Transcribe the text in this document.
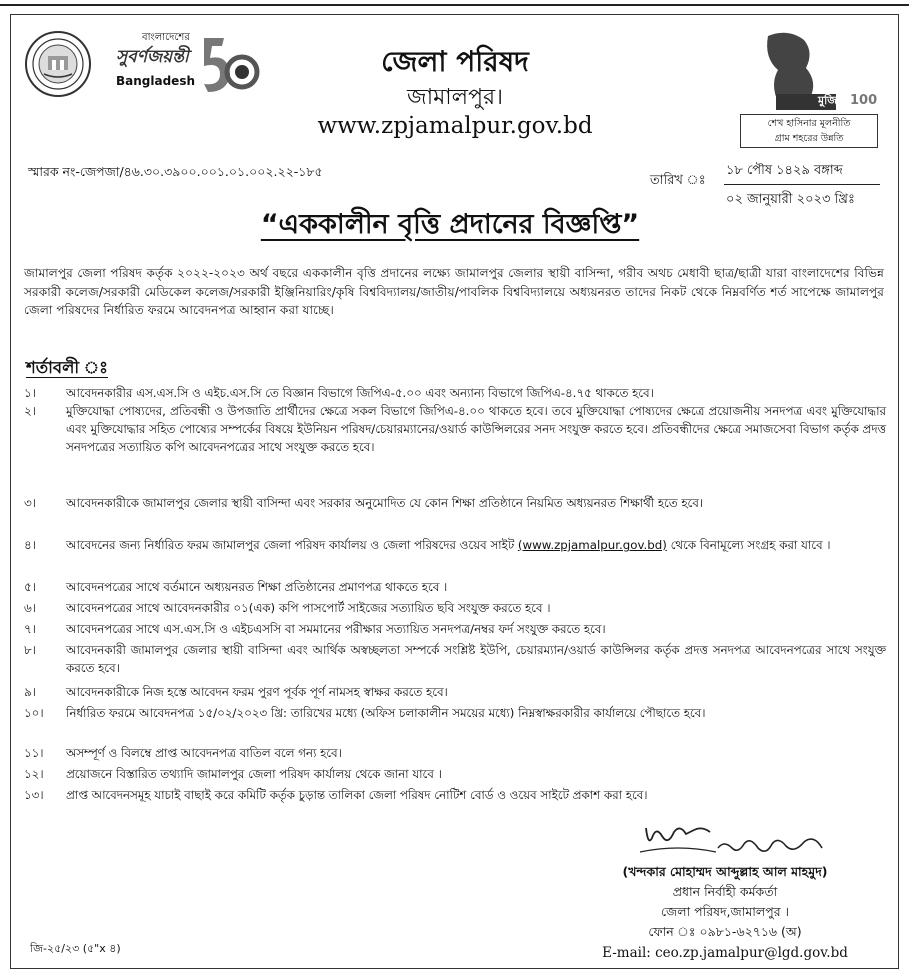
বাংলাদেশের
সুবর্ণজয়ন্তী
Bangladesh
জেলা পরিষদ
জামালপুর।
www.zpjamalpur.gov.bd
মুজিব 100
শেখ হাসিনার মূলনীতি
গ্রাম শহরের উন্নতি
স্মারক নং-জেপজা/৪৬.৩০.৩৯০০.০০১.০১.০০২.২২-১৮৫
তারিখ ঃ
১৮ পৌষ ১৪২৯ বঙ্গাব্দ
০২ জানুয়ারী ২০২৩ খ্রিঃ
“এককালীন বৃত্তি প্রদানের বিজ্ঞপ্তি”
জামালপুর জেলা পরিষদ কর্তৃক ২০২২-২০২৩ অর্থ বছরে এককালীন বৃত্তি প্রদানের লক্ষ্যে জামালপুর জেলার স্থায়ী বাসিন্দা, গরীব অথচ মেধাবী ছাত্র/ছাত্রী যারা বাংলাদেশের বিভিন্ন সরকারী কলেজ/সরকারী মেডিকেল কলেজ/সরকারী ইঞ্জিনিয়ারিং/কৃষি বিশ্ববিদ্যালয়/জাতীয়/পাবলিক বিশ্ববিদ্যালয়ে অধ্যয়নরত তাদের নিকট থেকে নিম্নবর্ণিত শর্ত সাপেক্ষে জামালপুর জেলা পরিষদের নির্ধারিত ফরমে আবেদনপত্র আহ্বান করা যাচ্ছে।
শর্তাবলী ঃ
১।	আবেদনকারীর এস.এস.সি ও এইচ.এস.সি তে বিজ্ঞান বিভাগে জিপিএ-৫.০০ এবং অন্যান্য বিভাগে জিপিএ-৪.৭৫ থাকতে হবে।
২।	মুক্তিযোদ্ধা পোষ্যদের, প্রতিবন্ধী ও উপজাতি প্রার্থীদের ক্ষেত্রে সকল বিভাগে জিপিএ-৪.০০ থাকতে হবে। তবে মুক্তিযোদ্ধা পোষ্যদের ক্ষেত্রে প্রয়োজনীয় সনদপত্র এবং মুক্তিযোদ্ধার এবং মুক্তিযোদ্ধার সহিত পোষ্যের সম্পর্কের বিষয়ে ইউনিয়ন পরিষদ/চেয়ারম্যানের/ওয়ার্ড কাউন্সিলরের সনদ সংযুক্ত করতে হবে। প্রতিবন্ধীদের ক্ষেত্রে সমাজসেবা বিভাগ কর্তৃক প্রদত্ত সনদপত্রের সত্যায়িত কপি আবেদনপত্রের সাথে সংযুক্ত করতে হবে।
৩।	আবেদনকারীকে জামালপুর জেলার স্থায়ী বাসিন্দা এবং সরকার অনুমোদিত যে কোন শিক্ষা প্রতিষ্ঠানে নিয়মিত অধ্যয়নরত শিক্ষার্থী হতে হবে।
৪।	আবেদনের জন্য নির্ধারিত ফরম জামালপুর জেলা পরিষদ কার্যালয় ও জেলা পরিষদের ওয়েব সাইট (www.zpjamalpur.gov.bd) থেকে বিনামূল্যে সংগ্রহ করা যাবে ।
৫।	আবেদনপত্রের সাথে বর্তমানে অধ্যয়নরত শিক্ষা প্রতিষ্ঠানের প্রমাণপত্র থাকতে হবে ।
৬।	আবেদনপত্রের সাথে আবেদনকারীর ০১(এক) কপি পাসপোর্ট সাইজের সত্যায়িত ছবি সংযুক্ত করতে হবে ।
৭।	আবেদনপত্রের সাথে এস.এস.সি ও এইচএসসি বা সমমানের পরীক্ষার সত্যায়িত সনদপত্র/নম্বর ফর্দ সংযুক্ত করতে হবে।
৮।	আবেদনকারী জামালপুর জেলার স্থায়ী বাসিন্দা এবং আর্থিক অস্বচ্ছলতা সম্পর্কে সংশ্লিষ্ট ইউপি, চেয়ারম্যান/ওয়ার্ড কাউন্সিলর কর্তৃক প্রদত্ত সনদপত্র আবেদনপত্রের সাথে সংযুক্ত করতে হবে।
৯।	আবেদনকারীকে নিজ হস্তে আবেদন ফরম পুরণ পূর্বক পূর্ণ নামসহ স্বাক্ষর করতে হবে।
১০।	নির্ধারিত ফরমে আবেদনপত্র ১৫/০২/২০২৩ খ্রি: তারিখের মধ্যে (অফিস চলাকালীন সময়ের মধ্যে) নিম্নস্বাক্ষরকারীর কার্যালয়ে পৌছাতে হবে।
১১।	অসম্পূর্ণ ও বিলম্বে প্রাপ্ত আবেদনপত্র বাতিল বলে গন্য হবে।
১২।	প্রয়োজনে বিস্তারিত তথ্যাদি জামালপুর জেলা পরিষদ কার্যালয় থেকে জানা যাবে ।
১৩।	প্রাপ্ত আবেদনসমূহ যাচাই বাছাই করে কমিটি কর্তৃক চুড়ান্ত তালিকা জেলা পরিষদ নোটিশ বোর্ড ও ওয়েব সাইটে প্রকাশ করা হবে।
(খন্দকার মোহাম্মদ আব্দুল্লাহ আল মাহমুদ)
প্রধান নির্বাহী কর্মকর্তা
জেলা পরিষদ,জামালপুর ।
ফোন ঃ ০৯৮১-৬২৭১৬ (অ)
E-mail: ceo.zp.jamalpur@lgd.gov.bd
জি-২৫/২৩ (৫"x ৪)
